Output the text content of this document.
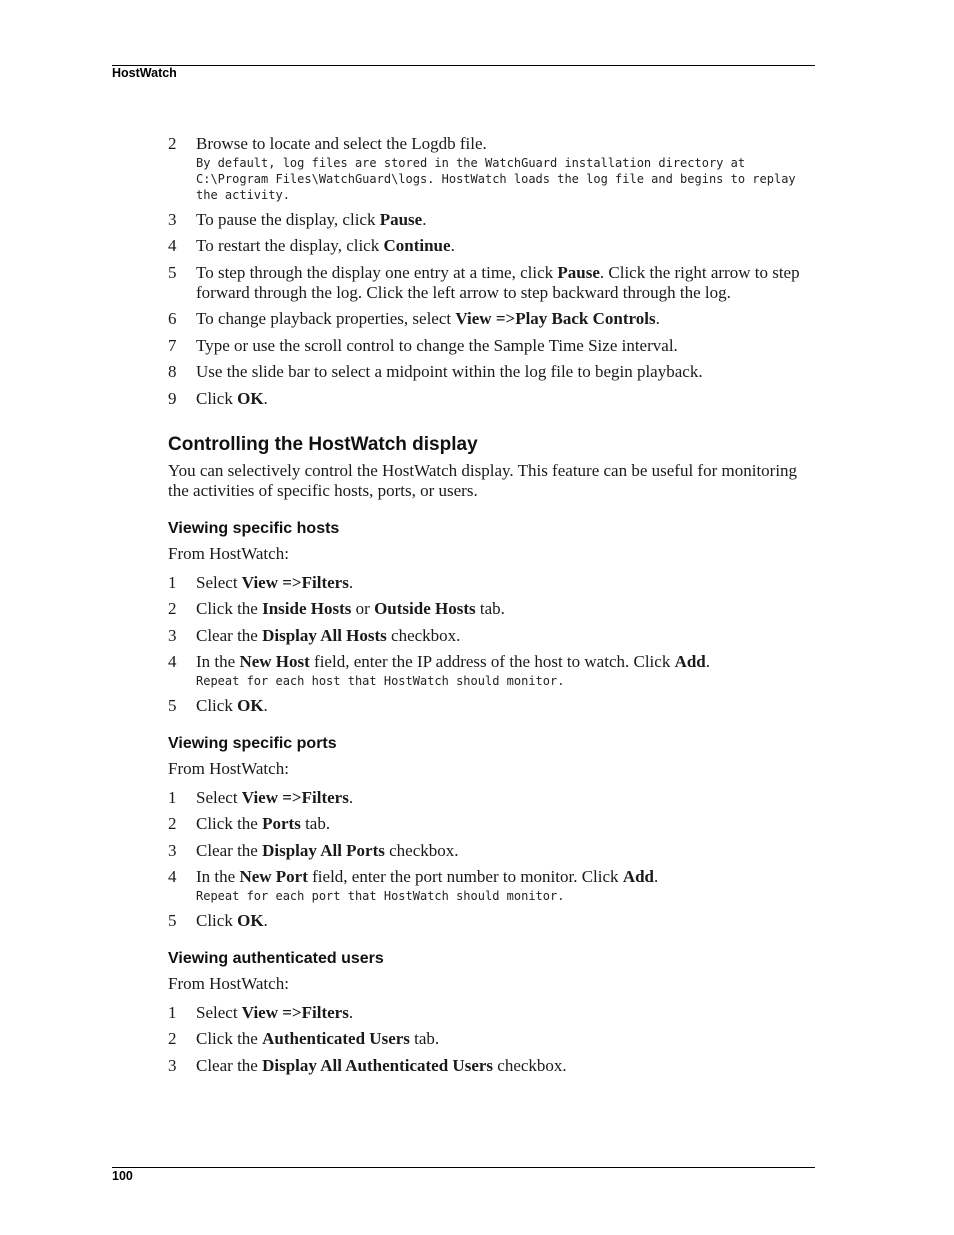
HostWatch
2	Browse to locate and select the Logdb file.
By default, log files are stored in the WatchGuard installation directory at C:\Program Files\WatchGuard\logs. HostWatch loads the log file and begins to replay the activity.
3	To pause the display, click Pause.
4	To restart the display, click Continue.
5	To step through the display one entry at a time, click Pause. Click the right arrow to step forward through the log. Click the left arrow to step backward through the log.
6	To change playback properties, select View =>Play Back Controls.
7	Type or use the scroll control to change the Sample Time Size interval.
8	Use the slide bar to select a midpoint within the log file to begin playback.
9	Click OK.
Controlling the HostWatch display

You can selectively control the HostWatch display. This feature can be useful for monitoring the activities of specific hosts, ports, or users.

Viewing specific hosts

From HostWatch:

1	Select View =>Filters.
2	Click the Inside Hosts or Outside Hosts tab.
3	Clear the Display All Hosts checkbox.
4	In the New Host field, enter the IP address of the host to watch. Click Add.
Repeat for each host that HostWatch should monitor.
5	Click OK.
Viewing specific ports

From HostWatch:

1	Select View =>Filters.
2	Click the Ports tab.
3	Clear the Display All Ports checkbox.
4	In the New Port field, enter the port number to monitor. Click Add.
Repeat for each port that HostWatch should monitor.
5	Click OK.
Viewing authenticated users

From HostWatch:

1	Select View =>Filters.
2	Click the Authenticated Users tab.
3	Clear the Display All Authenticated Users checkbox.
100
